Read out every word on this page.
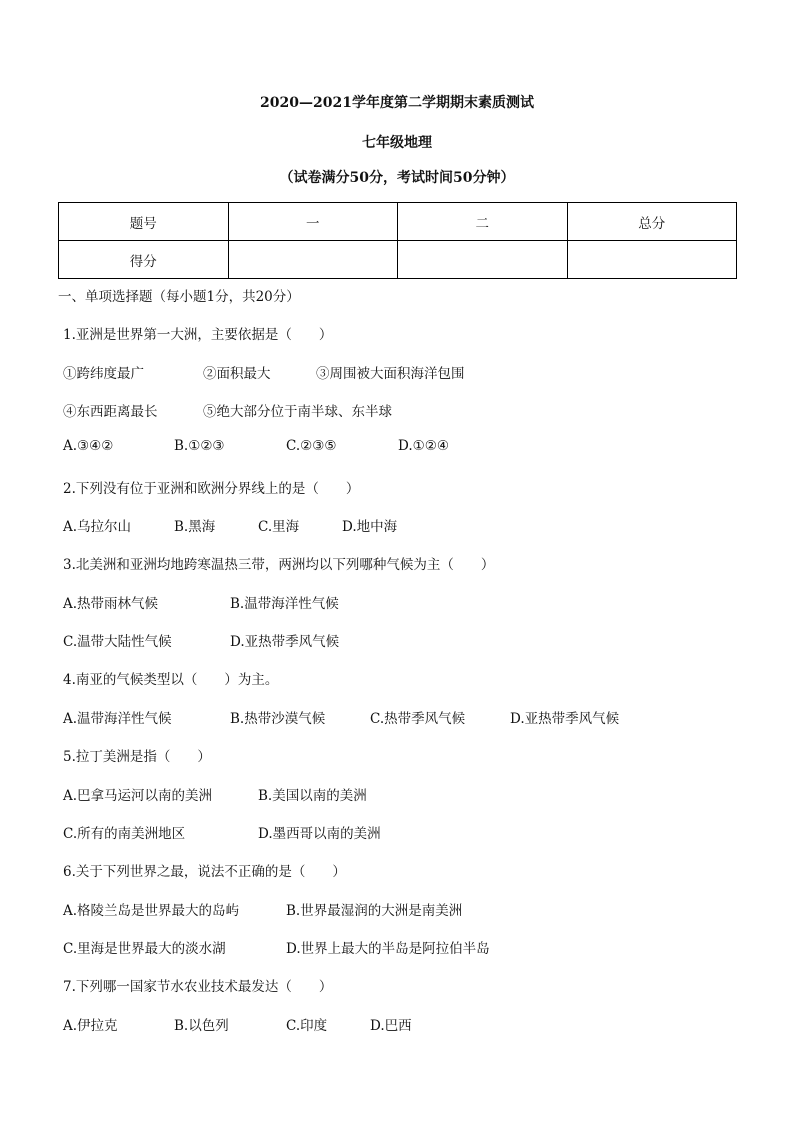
2020—2021学年度第二学期期末素质测试
七年级地理
（试卷满分50分，考试时间50分钟）
题号	一	二	总分
得分			
一、单项选择题（每小题1分，共20分）
1.亚洲是世界第一大洲，主要依据是（　　）
①跨纬度最广	②面积最大	③周围被大面积海洋包围
④东西距离最长	⑤绝大部分位于南半球、东半球
A.③④②	B.①②③	C.②③⑤	D.①②④
2.下列没有位于亚洲和欧洲分界线上的是（　　）
A.乌拉尔山	B.黑海	C.里海	D.地中海
3.北美洲和亚洲均地跨寒温热三带，两洲均以下列哪种气候为主（　　）
A.热带雨林气候	B.温带海洋性气候
C.温带大陆性气候	D.亚热带季风气候
4.南亚的气候类型以（　　）为主。
A.温带海洋性气候	B.热带沙漠气候	C.热带季风气候	D.亚热带季风气候
5.拉丁美洲是指（　　）
A.巴拿马运河以南的美洲	B.美国以南的美洲
C.所有的南美洲地区	D.墨西哥以南的美洲
6.关于下列世界之最，说法不正确的是（　　）
A.格陵兰岛是世界最大的岛屿	B.世界最湿润的大洲是南美洲
C.里海是世界最大的淡水湖	D.世界上最大的半岛是阿拉伯半岛
7.下列哪一国家节水农业技术最发达（　　）
A.伊拉克	B.以色列	C.印度	D.巴西
